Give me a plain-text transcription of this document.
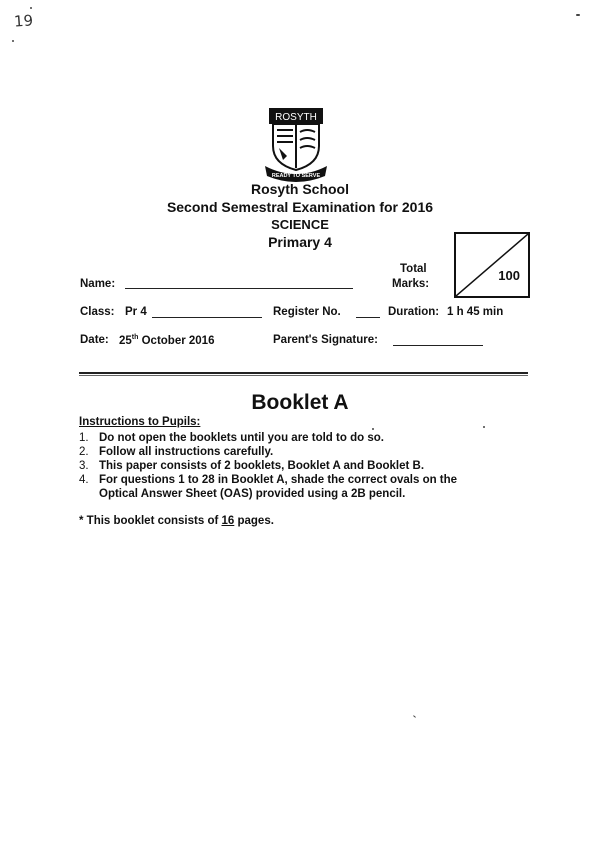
19
ROSYTH
READY TO SERVE
Rosyth School
Second Semestral Examination for 2016
SCIENCE
Primary 4
Name:
Total
Marks:
100
Class: Pr 4	Register No.	Duration: 1 h 45 min
Date: 25th October 2016	Parent's Signature:
Booklet A
Instructions to Pupils:
1. Do not open the booklets until you are told to do so.
2. Follow all instructions carefully.
3. This paper consists of 2 booklets, Booklet A and Booklet B.
4. For questions 1 to 28 in Booklet A, shade the correct ovals on the
Optical Answer Sheet (OAS) provided using a 2B pencil.
* This booklet consists of 16 pages.
